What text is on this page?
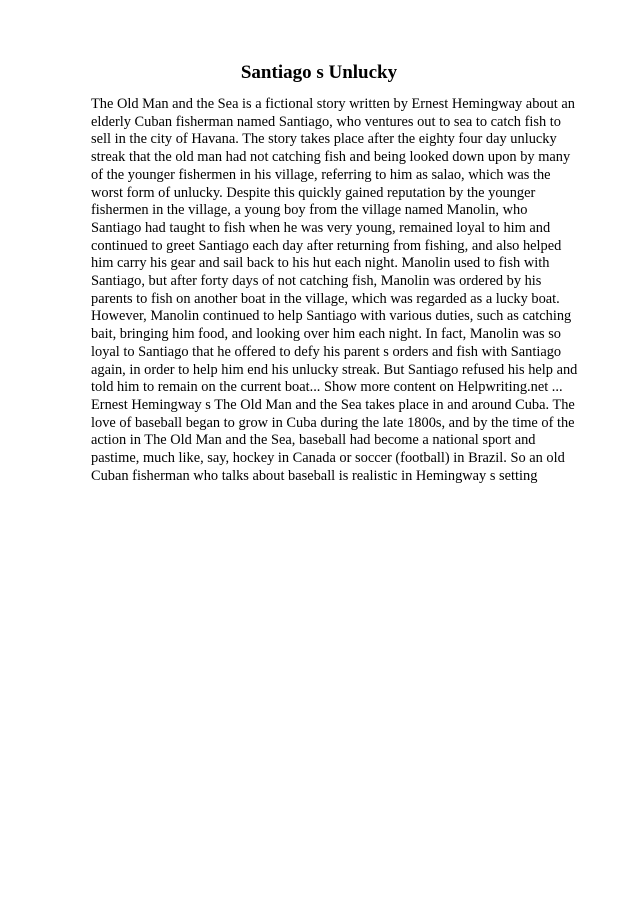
Santiago s Unlucky
The Old Man and the Sea is a fictional story written by Ernest Hemingway about an
elderly Cuban fisherman named Santiago, who ventures out to sea to catch fish to
sell in the city of Havana. The story takes place after the eighty four day unlucky
streak that the old man had not catching fish and being looked down upon by many
of the younger fishermen in his village, referring to him as salao, which was the
worst form of unlucky. Despite this quickly gained reputation by the younger
fishermen in the village, a young boy from the village named Manolin, who
Santiago had taught to fish when he was very young, remained loyal to him and
continued to greet Santiago each day after returning from fishing, and also helped
him carry his gear and sail back to his hut each night. Manolin used to fish with
Santiago, but after forty days of not catching fish, Manolin was ordered by his
parents to fish on another boat in the village, which was regarded as a lucky boat.
However, Manolin continued to help Santiago with various duties, such as catching
bait, bringing him food, and looking over him each night. In fact, Manolin was so
loyal to Santiago that he offered to defy his parent s orders and fish with Santiago
again, in order to help him end his unlucky streak. But Santiago refused his help and
told him to remain on the current boat... Show more content on Helpwriting.net ...
Ernest Hemingway s The Old Man and the Sea takes place in and around Cuba. The
love of baseball began to grow in Cuba during the late 1800s, and by the time of the
action in The Old Man and the Sea, baseball had become a national sport and
pastime, much like, say, hockey in Canada or soccer (football) in Brazil. So an old
Cuban fisherman who talks about baseball is realistic in Hemingway s setting
